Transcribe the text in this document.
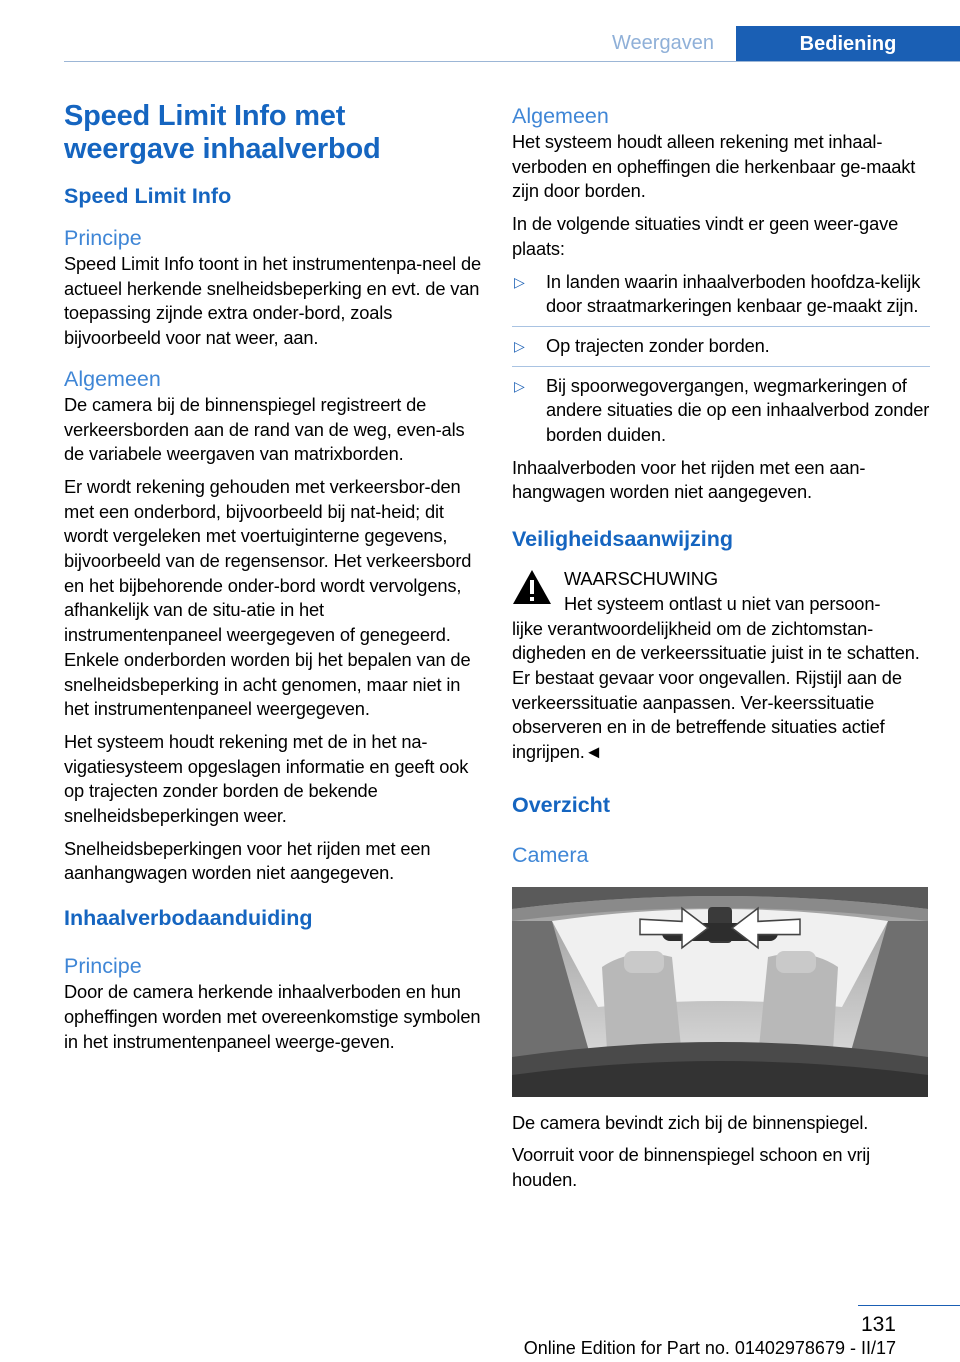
Weergaven	Bediening
Speed Limit Info met weergave inhaalverbod
Speed Limit Info
Principe

Speed Limit Info toont in het instrumentenpa-neel de actueel herkende snelheidsbeperking en evt. de van toepassing zijnde extra onder-bord, zoals bijvoorbeeld voor nat weer, aan.

Algemeen

De camera bij de binnenspiegel registreert de verkeersborden aan de rand van de weg, even-als de variabele weergaven van matrixborden.

Er wordt rekening gehouden met verkeersbor-den met een onderbord, bijvoorbeeld bij nat-heid; dit wordt vergeleken met voertuiginterne gegevens, bijvoorbeeld van de regensensor. Het verkeersbord en het bijbehorende onder-bord wordt vervolgens, afhankelijk van de situ-atie in het instrumentenpaneel weergegeven of genegeerd. Enkele onderborden worden bij het bepalen van de snelheidsbeperking in acht genomen, maar niet in het instrumentenpaneel weergegeven.

Het systeem houdt rekening met de in het na-vigatiesysteem opgeslagen informatie en geeft ook op trajecten zonder borden de bekende snelheidsbeperkingen weer.

Snelheidsbeperkingen voor het rijden met een aanhangwagen worden niet aangegeven.

Inhaalverbodaanduiding
Principe

Door de camera herkende inhaalverboden en hun opheffingen worden met overeenkomstige symbolen in het instrumentenpaneel weerge-geven.

Algemeen

Het systeem houdt alleen rekening met inhaal-verboden en opheffingen die herkenbaar ge-maakt zijn door borden.

In de volgende situaties vindt er geen weer-gave plaats:

▷ In landen waarin inhaalverboden hoofdza-kelijk door straatmarkeringen kenbaar ge-maakt zijn.
▷ Op trajecten zonder borden.
▷ Bij spoorwegovergangen, wegmarkeringen of andere situaties die op een inhaalverbod zonder borden duiden.

Inhaalverboden voor het rijden met een aan-hangwagen worden niet aangegeven.

Veiligheidsaanwijzing

WAARSCHUWING

Het systeem ontlast u niet van persoon-

lijke verantwoordelijkheid om de zichtomstan-digheden en de verkeerssituatie juist in te schatten. Er bestaat gevaar voor ongevallen. Rijstijl aan de verkeerssituatie aanpassen. Ver-keerssituatie observeren en in de betreffende situaties actief ingrijpen.◄

Overzicht
Camera

De camera bevindt zich bij de binnenspiegel.

Voorruit voor de binnenspiegel schoon en vrij houden.

131
Online Edition for Part no. 01402978679 - II/17
